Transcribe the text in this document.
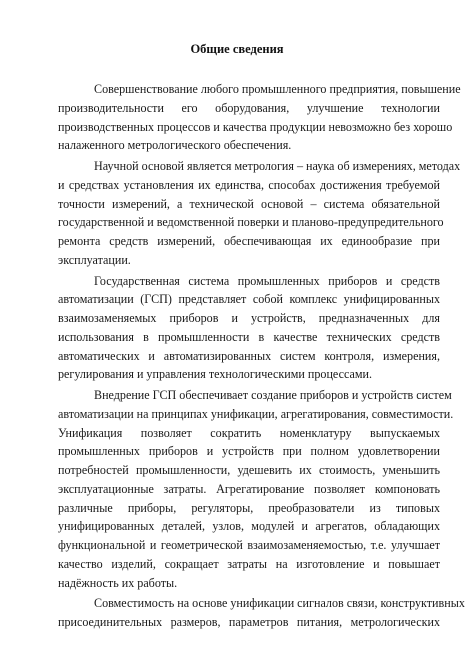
Общие сведения
Совершенствование любого промышленного предприятия, повышение
производительности его оборудования, улучшение технологии
производственных процессов и качества продукции невозможно без хорошо
налаженного метрологического обеспечения.
Научной основой является метрология – наука об измерениях, методах
и средствах установления их единства, способах достижения требуемой
точности измерений, а технической основой – система обязательной
государственной и ведомственной поверки и планово-предупредительного
ремонта средств измерений, обеспечивающая их единообразие при
эксплуатации.
Государственная система промышленных приборов и средств
автоматизации (ГСП) представляет собой комплекс унифицированных
взаимозаменяемых приборов и устройств, предназначенных для
использования в промышленности в качестве технических средств
автоматических и автоматизированных систем контроля, измерения,
регулирования и управления технологическими процессами.
Внедрение ГСП обеспечивает создание приборов и устройств систем
автоматизации на принципах унификации, агрегатирования, совместимости.
Унификация позволяет сократить номенклатуру выпускаемых
промышленных приборов и устройств при полном удовлетворении
потребностей промышленности, удешевить их стоимость, уменьшить
эксплуатационные затраты. Агрегатирование позволяет компоновать
различные приборы, регуляторы, преобразователи из типовых
унифицированных деталей, узлов, модулей и агрегатов, обладающих
функциональной и геометрической взаимозаменяемостью, т.е. улучшает
качество изделий, сокращает затраты на изготовление и повышает
надёжность их работы.
Совместимость на основе унификации сигналов связи, конструктивных
присоединительных размеров, параметров питания, метрологических
